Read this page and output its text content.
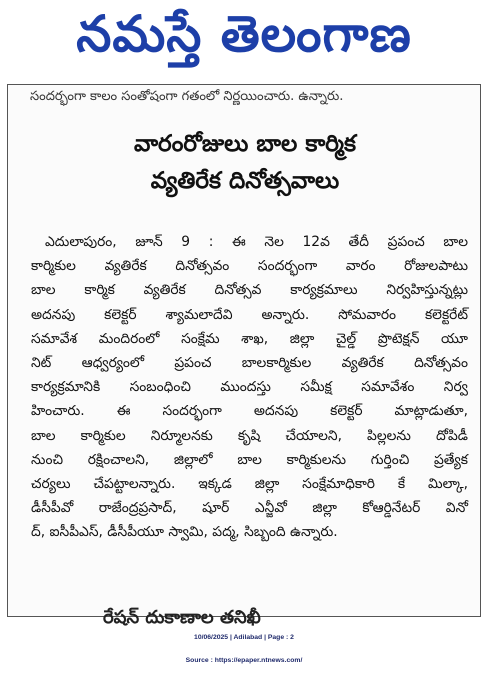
నమస్తే తెలంగాణ
సందర్భంగా కాలం సంతోషంగా గతంలో నిర్ణయించారు. ఉన్నారు.
వారంరోజులు బాల కార్మిక
వ్యతిరేక దినోత్సవాలు
ఎదులాపురం, జూన్ 9 : ఈ నెల 12వ తేదీ ప్రపంచ బాల
కార్మికుల వ్యతిరేక దినోత్సవం సందర్భంగా వారం రోజులపాటు
బాల కార్మిక వ్యతిరేక దినోత్సవ కార్యక్రమాలు నిర్వహిస్తున్నట్లు
అదనపు కలెక్టర్ శ్యామలాదేవి అన్నారు. సోమవారం కలెక్టరేట్
సమావేశ మందిరంలో సంక్షేమ శాఖ, జిల్లా చైల్డ్ ప్రొటెక్షన్ యూ
నిట్ ఆధ్వర్యంలో ప్రపంచ బాలకార్మికుల వ్యతిరేక దినోత్సవం
కార్యక్రమానికి సంబంధించి ముందస్తు సమీక్ష సమావేశం నిర్వ
హించారు. ఈ సందర్భంగా అదనపు కలెక్టర్ మాట్లాడుతూ,
బాల కార్మికుల నిర్మూలనకు కృషి చేయాలని, పిల్లలను దోపిడీ
నుంచి రక్షించాలని, జిల్లాలో బాల కార్మికులను గుర్తించి ప్రత్యేక
చర్యలు చేపట్టాలన్నారు. ఇక్కడ జిల్లా సంక్షేమాధికారి కే మిల్కా,
డీసీపీవో రాజేంద్రప్రసాద్, షూర్ ఎన్జీవో జిల్లా కోఆర్డినేటర్ వినో
ద్, ఐసీపీఎస్, డీసీపీయూ స్వామి, పద్మ, సిబ్బంది ఉన్నారు.
రేషన్ దుకాణాల తనిఖీ
10/06/2025 | Adilabad | Page : 2
Source : https://epaper.ntnews.com/
